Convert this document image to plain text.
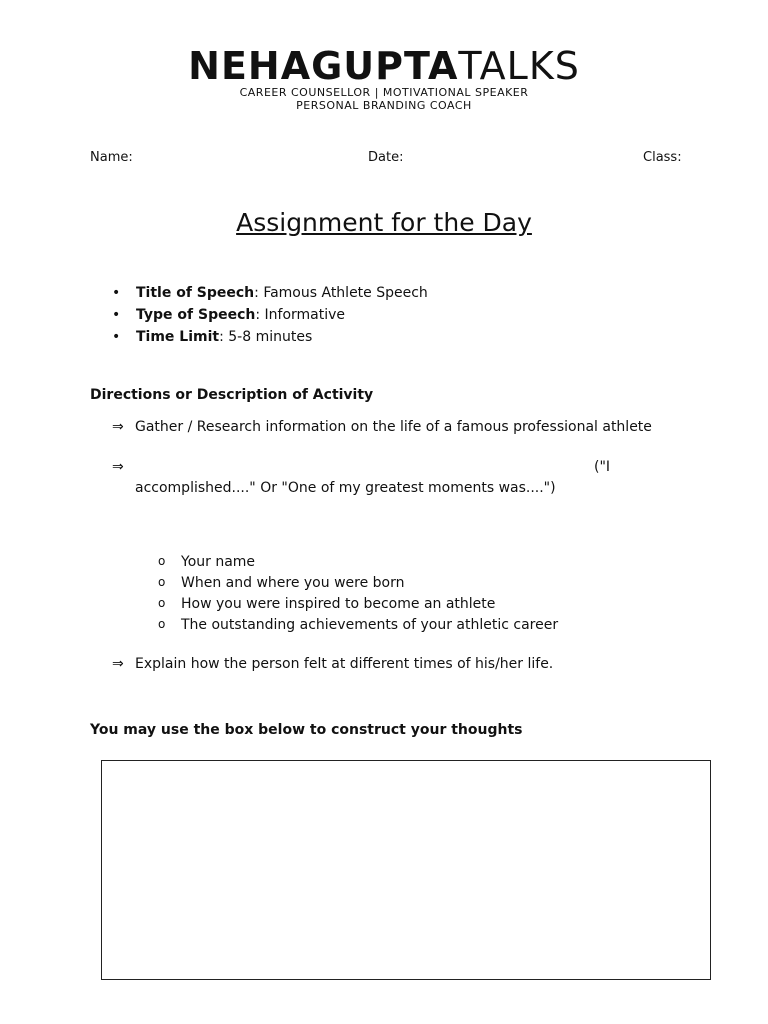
NEHAGUPTATALKS
CAREER COUNSELLOR | MOTIVATIONAL SPEAKER
PERSONAL BRANDING COACH
Name:	Date:	Class:
Assignment for the Day
• Title of Speech: Famous Athlete Speech
• Type of Speech: Informative
• Time Limit: 5-8 minutes
Directions or Description of Activity
⇒ Gather / Research information on the life of a famous professional athlete
⇒	("I
accomplished...." Or "One of my greatest moments was....")
o Your name
o When and where you were born
o How you were inspired to become an athlete
o The outstanding achievements of your athletic career
⇒ Explain how the person felt at different times of his/her life.
You may use the box below to construct your thoughts
